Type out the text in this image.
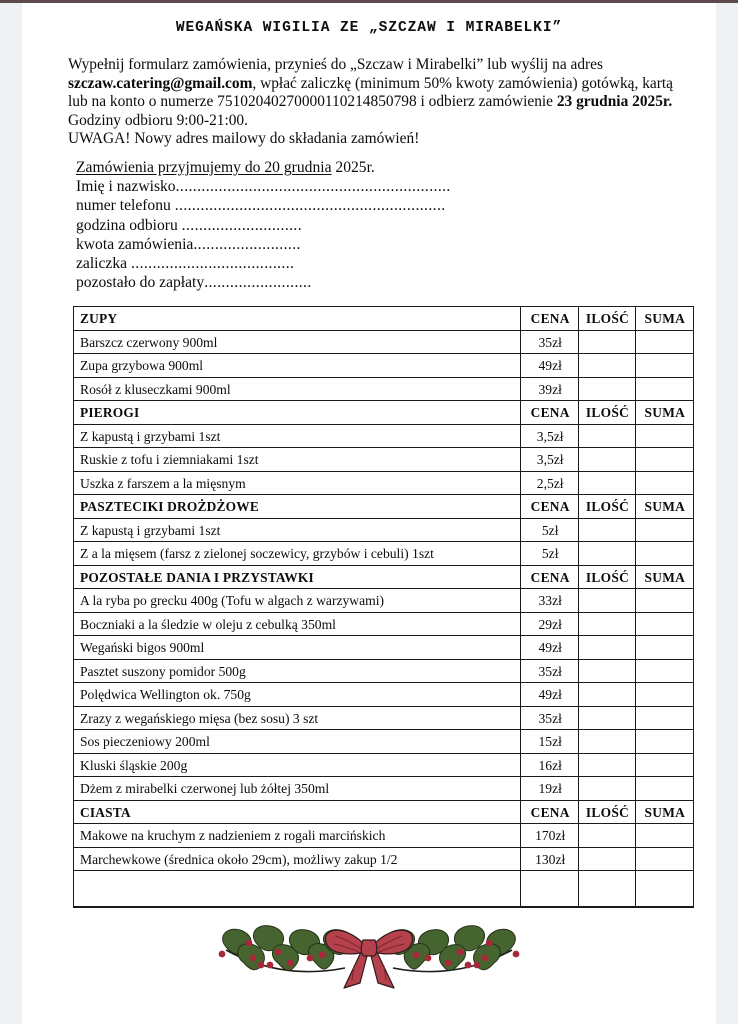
WEGAŃSKA WIGILIA ZE „SZCZAW I MIRABELKI”

Wypełnij formularz zamówienia, przynieś do „Szczaw i Mirabelki” lub wyślij na adres szczaw.catering@gmail.com, wpłać zaliczkę (minimum 50% kwoty zamówienia) gotówką, kartą lub na konto o numerze 75102040270000110214850798 i odbierz zamówienie 23 grudnia 2025r. Godziny odbioru 9:00-21:00.
UWAGA! Nowy adres mailowy do składania zamówień!

Zamówienia przyjmujemy do 20 grudnia 2025r.
Imię i nazwisko................................................................
numer telefonu ...............................................................
godzina odbioru ............................
kwota zamówienia.........................
zaliczka ......................................
pozostało do zapłaty.........................
ZUPY	CENA	ILOŚĆ	SUMA
Barszcz czerwony 900ml	35zł		
Zupa grzybowa 900ml	49zł		
Rosół z kluseczkami 900ml	39zł		
PIEROGI	CENA	ILOŚĆ	SUMA
Z kapustą i grzybami 1szt	3,5zł		
Ruskie z tofu i ziemniakami 1szt	3,5zł		
Uszka z farszem a la mięsnym	2,5zł		
PASZTECIKI DROŻDŻOWE	CENA	ILOŚĆ	SUMA
Z kapustą i grzybami 1szt	5zł		
Z a la mięsem (farsz z zielonej soczewicy, grzybów i cebuli) 1szt	5zł		
POZOSTAŁE DANIA I PRZYSTAWKI	CENA	ILOŚĆ	SUMA
A la ryba po grecku 400g (Tofu w algach z warzywami)	33zł		
Boczniaki a la śledzie w oleju z cebulką 350ml	29zł		
Wegański bigos 900ml	49zł		
Pasztet suszony pomidor 500g	35zł		
Polędwica Wellington ok. 750g	49zł		
Zrazy z wegańskiego mięsa (bez sosu) 3 szt	35zł		
Sos pieczeniowy 200ml	15zł		
Kluski śląskie 200g	16zł		
Dżem z mirabelki czerwonej lub żółtej 350ml	19zł		
CIASTA	CENA	ILOŚĆ	SUMA
Makowe na kruchym z nadzieniem z rogali marcińskich	170zł		
Marchewkowe (średnica około 29cm), możliwy zakup 1/2	130zł		
